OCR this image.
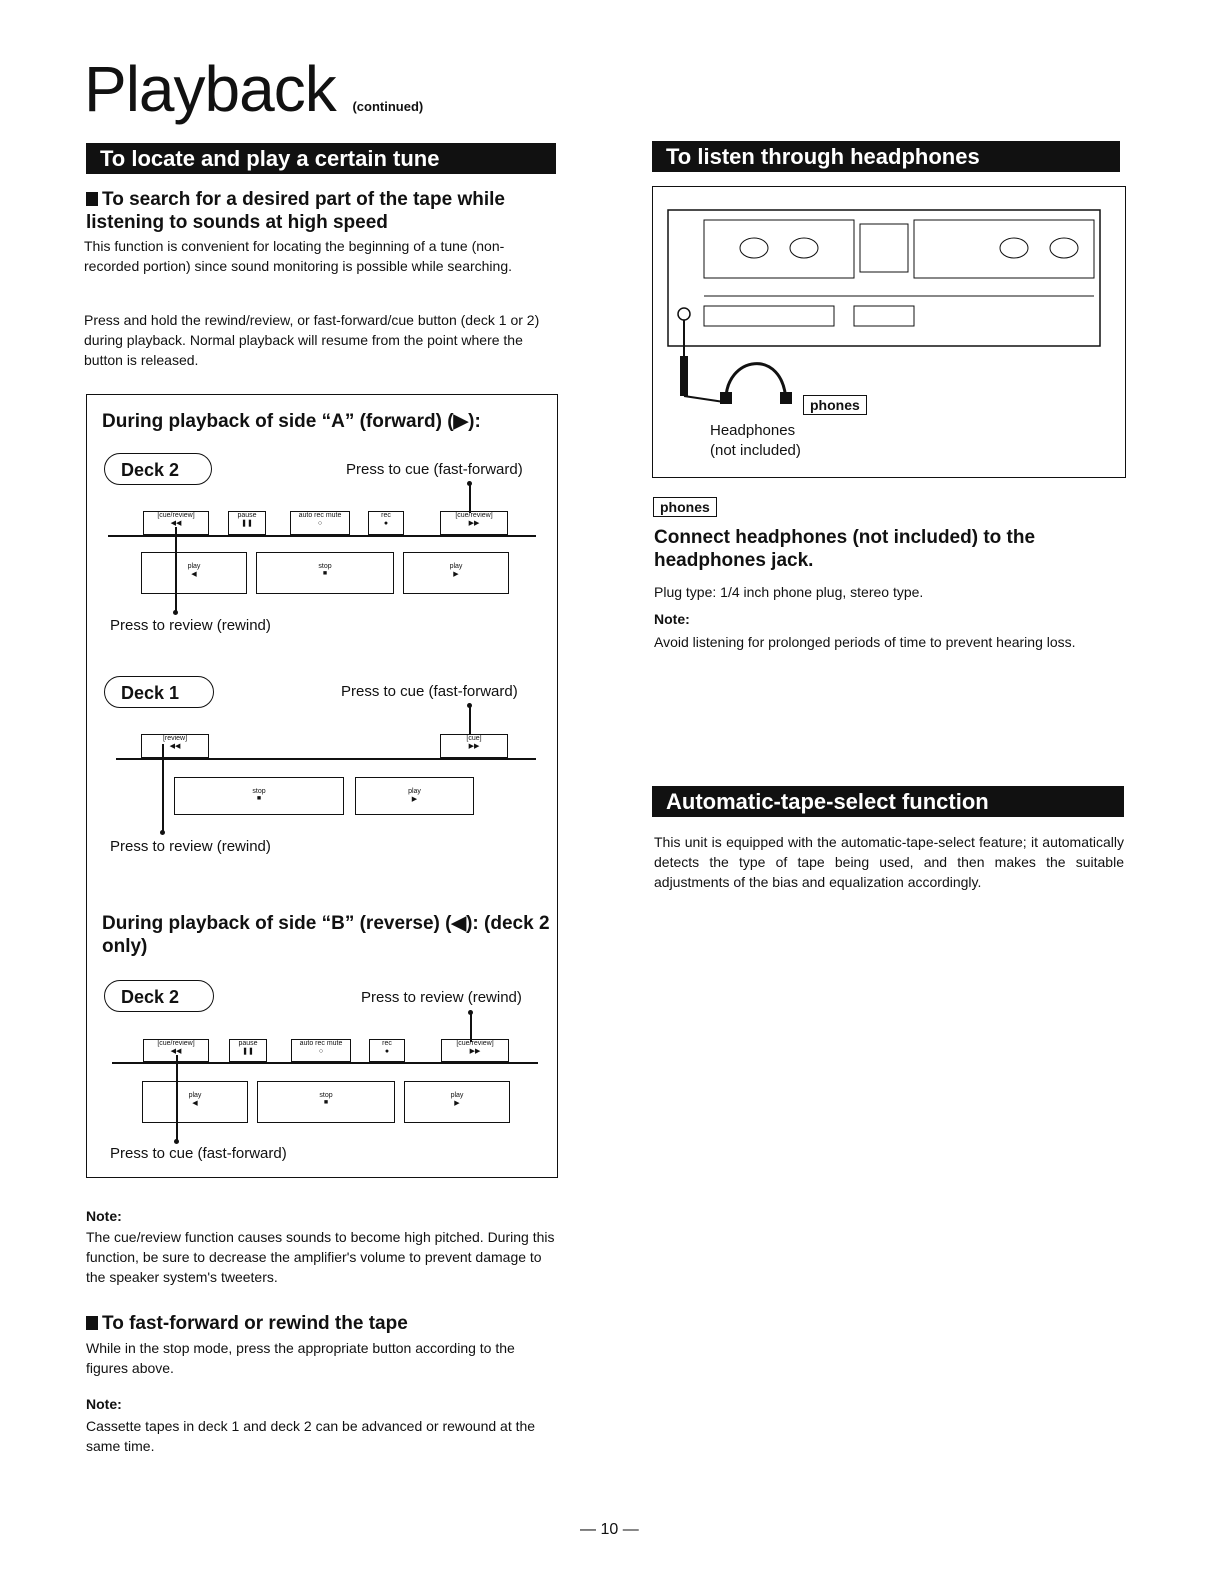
Playback (continued)
To locate and play a certain tune
To search for a desired part of the tape while listening to sounds at high speed
This function is convenient for locating the beginning of a tune (non-recorded portion) since sound monitoring is possible while searching.
Press and hold the rewind/review, or fast-forward/cue button (deck 1 or 2) during playback. Normal playback will resume from the point where the button is released.
During playback of side “A” (forward) (▶):
Deck 2	Press to cue (fast-forward)
[cue/review]
◀◀
pause
❚❚
auto rec mute
○
rec
●
[cue/review]
▶▶
play
◀
stop
■
play
▶
Press to review (rewind)
Deck 1	Press to cue (fast-forward)
[review]
◀◀
[cue]
▶▶
stop
■
play
▶
Press to review (rewind)
During playback of side “B” (reverse) (◀): (deck 2 only)
Deck 2	Press to review (rewind)
[cue/review]
◀◀
pause
❚❚
auto rec mute
○
rec
●
[cue/review]
▶▶
play
◀
stop
■
play
▶
Press to cue (fast-forward)
Note:
The cue/review function causes sounds to become high pitched. During this function, be sure to decrease the amplifier's volume to prevent damage to the speaker system's tweeters.
To fast-forward or rewind the tape
While in the stop mode, press the appropriate button according to the figures above.
Note:
Cassette tapes in deck 1 and deck 2 can be advanced or rewound at the same time.
To listen through headphones
phones
Headphones
(not included)
phones
Connect headphones (not included) to the headphones jack.
Plug type: 1/4 inch phone plug, stereo type.
Note:
Avoid listening for prolonged periods of time to prevent hearing loss.
Automatic-tape-select function
This unit is equipped with the automatic-tape-select feature; it automatically detects the type of tape being used, and then makes the suitable adjustments of the bias and equalization accordingly.
— 10 —
